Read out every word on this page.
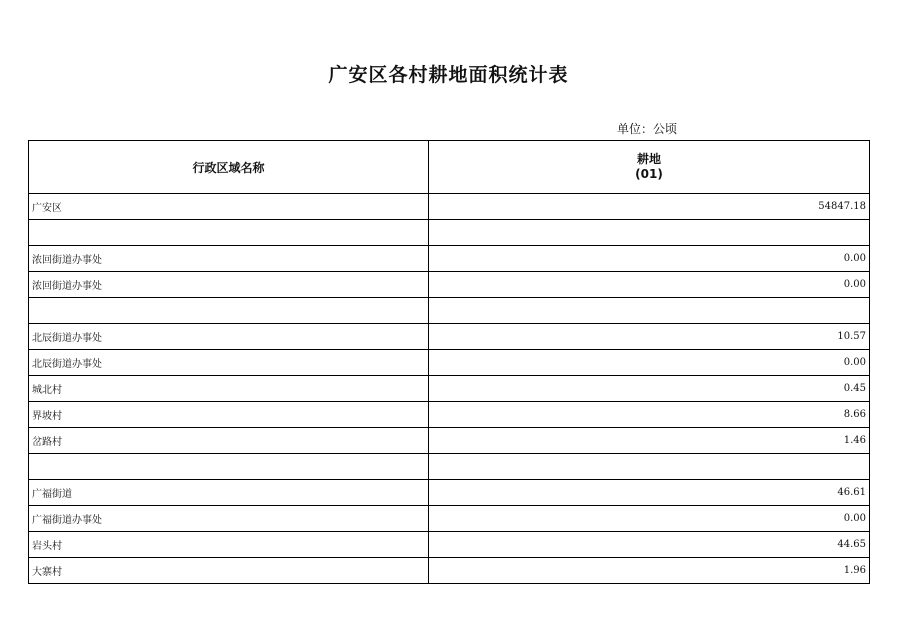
广安区各村耕地面积统计表
单位：公顷
行政区域名称	耕地
(01)

广安区	54847.18

浓回街道办事处	0.00
浓回街道办事处	0.00

北辰街道办事处	10.57
北辰街道办事处	0.00
城北村	0.45
界坡村	8.66
岔路村	1.46

广福街道	46.61
广福街道办事处	0.00
岩头村	44.65
大寨村	1.96
